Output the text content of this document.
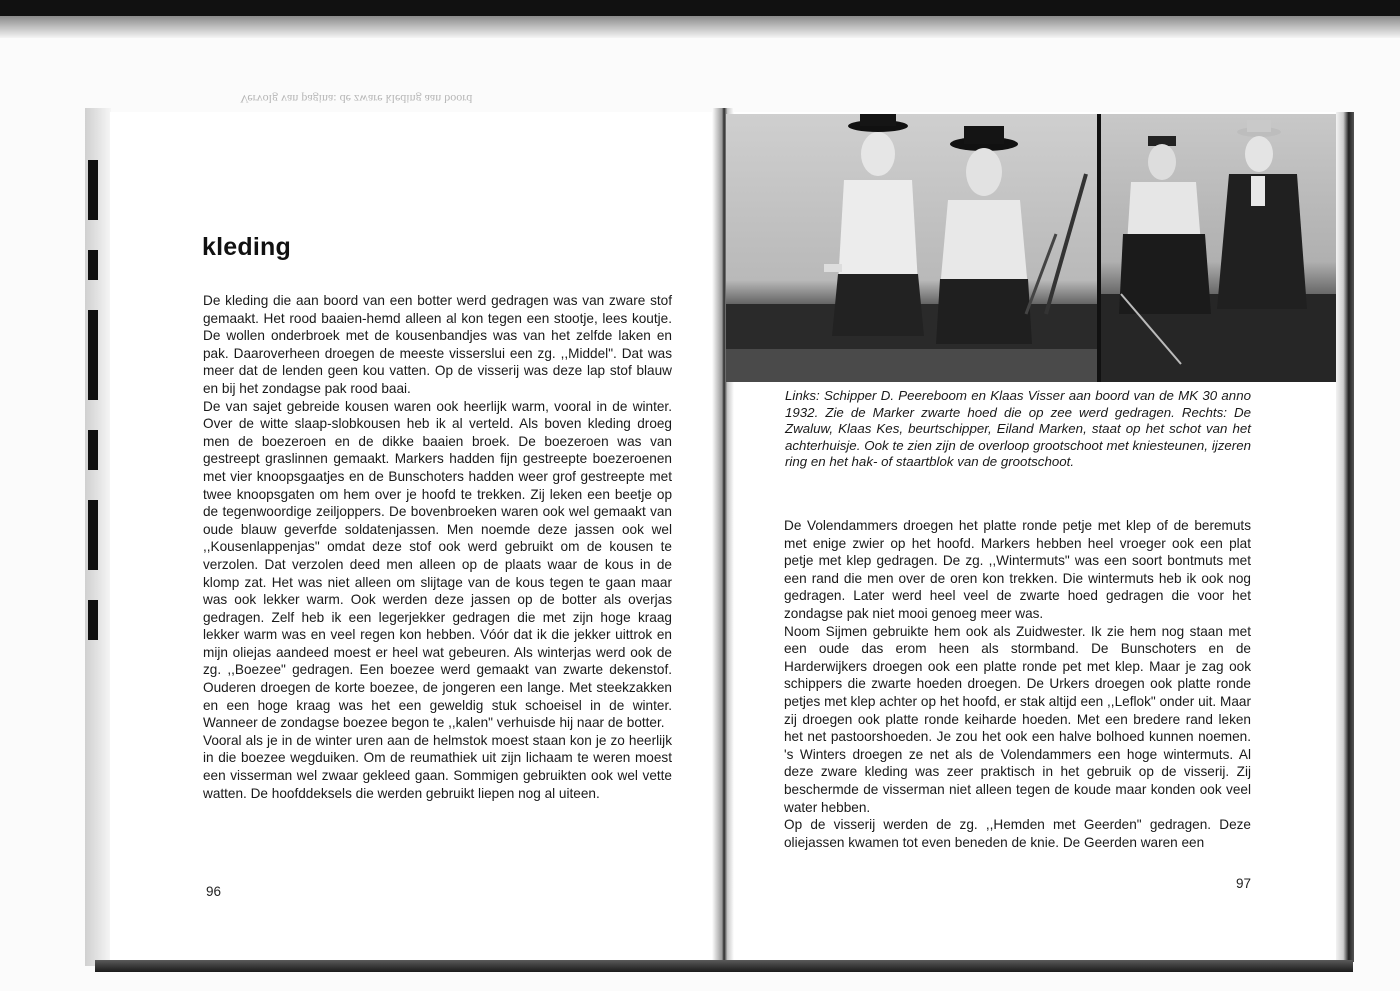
Vervolg van pagina: de zware kleding aan boord
kleding

De kleding die aan boord van een botter werd gedragen was van zware stof gemaakt. Het rood baaien-hemd alleen al kon tegen een stootje, lees koutje. De wollen onderbroek met de kousenbandjes was van het zelfde laken en pak. Daaroverheen droegen de meeste visserslui een zg. ,,Middel". Dat was meer dat de lenden geen kou vatten. Op de visserij was deze lap stof blauw en bij het zondagse pak rood baai.

De van sajet gebreide kousen waren ook heerlijk warm, vooral in de winter. Over de witte slaap-slobkousen heb ik al verteld. Als boven kleding droeg men de boezeroen en de dikke baaien broek. De boezeroen was van gestreept graslinnen gemaakt. Markers hadden fijn gestreepte boezeroenen met vier knoopsgaatjes en de Bunschoters hadden weer grof gestreepte met twee knoopsgaten om hem over je hoofd te trekken. Zij leken een beetje op de tegenwoordige zeiljoppers. De bovenbroeken waren ook wel gemaakt van oude blauw geverfde soldatenjassen. Men noemde deze jassen ook wel ,,Kousenlappenjas" omdat deze stof ook werd gebruikt om de kousen te verzolen. Dat verzolen deed men alleen op de plaats waar de kous in de klomp zat. Het was niet alleen om slijtage van de kous tegen te gaan maar was ook lekker warm. Ook werden deze jassen op de botter als overjas gedragen. Zelf heb ik een legerjekker gedragen die met zijn hoge kraag lekker warm was en veel regen kon hebben. Vóór dat ik die jekker uittrok en mijn oliejas aandeed moest er heel wat gebeuren. Als winterjas werd ook de zg. ,,Boezee" gedragen. Een boezee werd gemaakt van zwarte dekenstof. Ouderen droegen de korte boezee, de jongeren een lange. Met steekzakken en een hoge kraag was het een geweldig stuk schoeisel in de winter. Wanneer de zondagse boezee begon te ,,kalen" verhuisde hij naar de botter.

Vooral als je in de winter uren aan de helmstok moest staan kon je zo heerlijk in die boezee wegduiken. Om de reumathiek uit zijn lichaam te weren moest een visserman wel zwaar gekleed gaan. Sommigen gebruikten ook wel vette watten. De hoofddeksels die werden gebruikt liepen nog al uiteen.

96

Links: Schipper D. Peereboom en Klaas Visser aan boord van de MK 30 anno 1932. Zie de Marker zwarte hoed die op zee werd gedragen. Rechts: De Zwaluw, Klaas Kes, beurtschipper, Eiland Marken, staat op het schot van het achterhuisje. Ook te zien zijn de overloop grootschoot met kniesteunen, ijzeren ring en het hak- of staartblok van de grootschoot.

De Volendammers droegen het platte ronde petje met klep of de beremuts met enige zwier op het hoofd. Markers hebben heel vroeger ook een plat petje met klep gedragen. De zg. ,,Wintermuts" was een soort bontmuts met een rand die men over de oren kon trekken. Die wintermuts heb ik ook nog gedragen. Later werd heel veel de zwarte hoed gedragen die voor het zondagse pak niet mooi genoeg meer was.

Noom Sijmen gebruikte hem ook als Zuidwester. Ik zie hem nog staan met een oude das erom heen als stormband. De Bunschoters en de Harderwijkers droegen ook een platte ronde pet met klep. Maar je zag ook schippers die zwarte hoeden droegen. De Urkers droegen ook platte ronde petjes met klep achter op het hoofd, er stak altijd een ,,Leflok" onder uit. Maar zij droegen ook platte ronde keiharde hoeden. Met een bredere rand leken het net pastoorshoeden. Je zou het ook een halve bolhoed kunnen noemen. 's Winters droegen ze net als de Volendammers een hoge wintermuts. Al deze zware kleding was zeer praktisch in het gebruik op de visserij. Zij beschermde de visserman niet alleen tegen de koude maar konden ook veel water hebben.

Op de visserij werden de zg. ,,Hemden met Geerden" gedragen. Deze oliejassen kwamen tot even beneden de knie. De Geerden waren een

97
